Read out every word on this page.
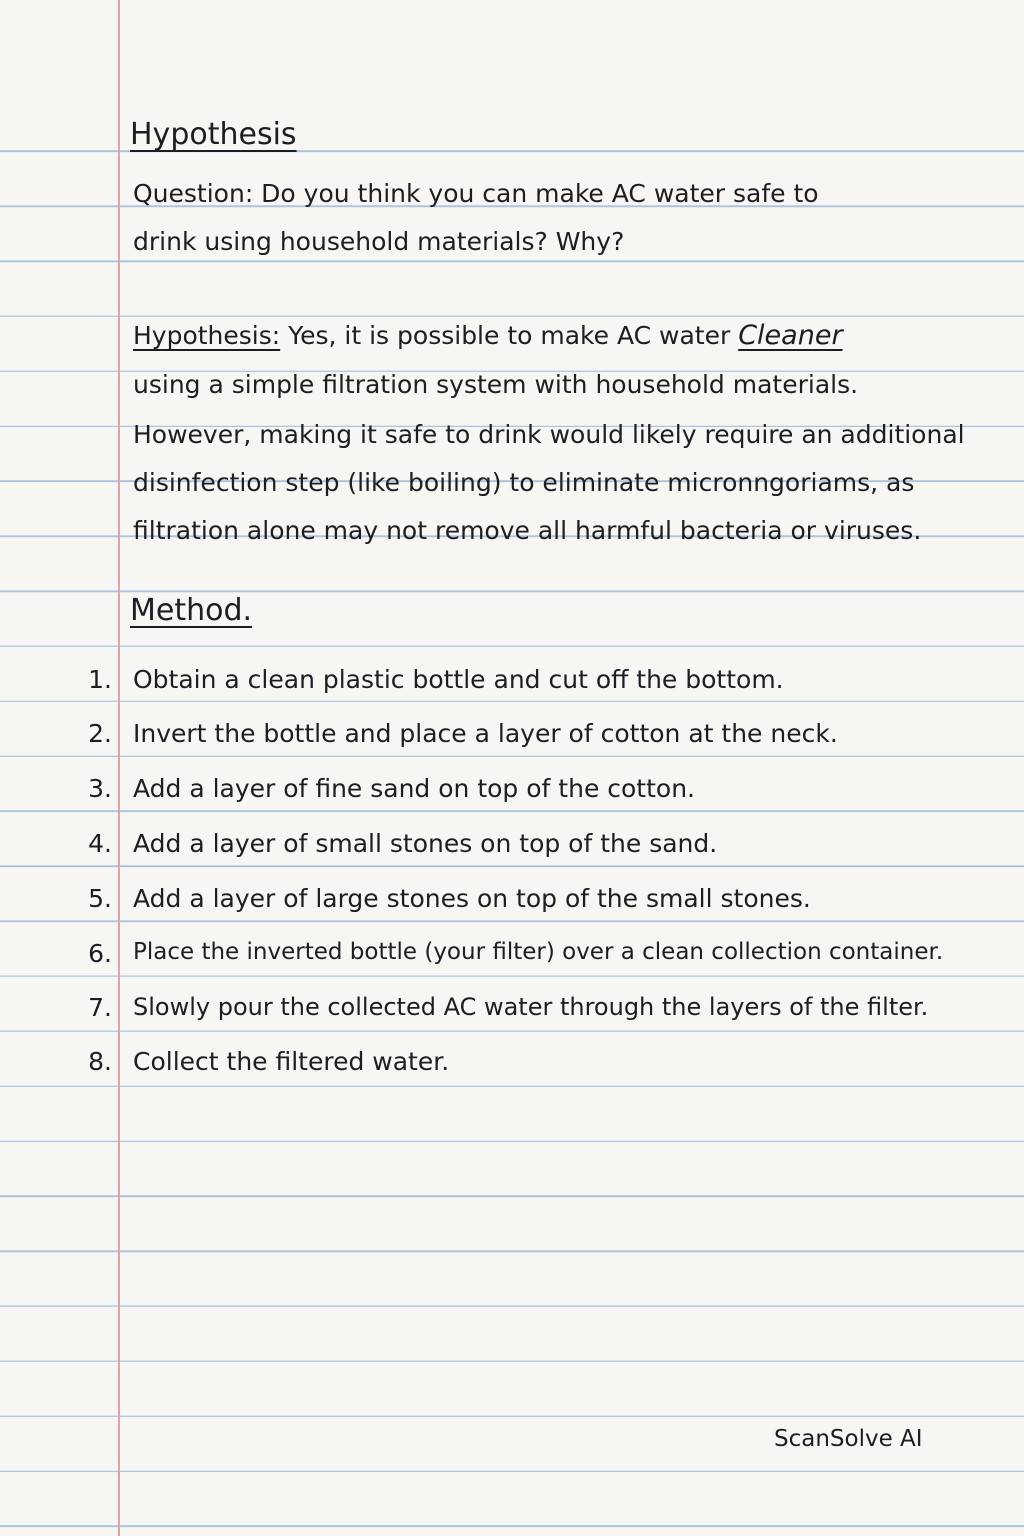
Hypothesis
Question: Do you think you can make AC water safe to
drink using household materials? Why?
Hypothesis: Yes, it is possible to make AC water Cleaner
using a simple filtration system with household materials.
However, making it safe to drink would likely require an additional
disinfection step (like boiling) to eliminate micronngoriams, as
filtration alone may not remove all harmful bacteria or viruses.
Method.
1. Obtain a clean plastic bottle and cut off the bottom.
2. Invert the bottle and place a layer of cotton at the neck.
3. Add a layer of fine sand on top of the cotton.
4. Add a layer of small stones on top of the sand.
5. Add a layer of large stones on top of the small stones.
6. Place the inverted bottle (your filter) over a clean collection container.
7. Slowly pour the collected AC water through the layers of the filter.
8. Collect the filtered water.
ScanSolve AI
